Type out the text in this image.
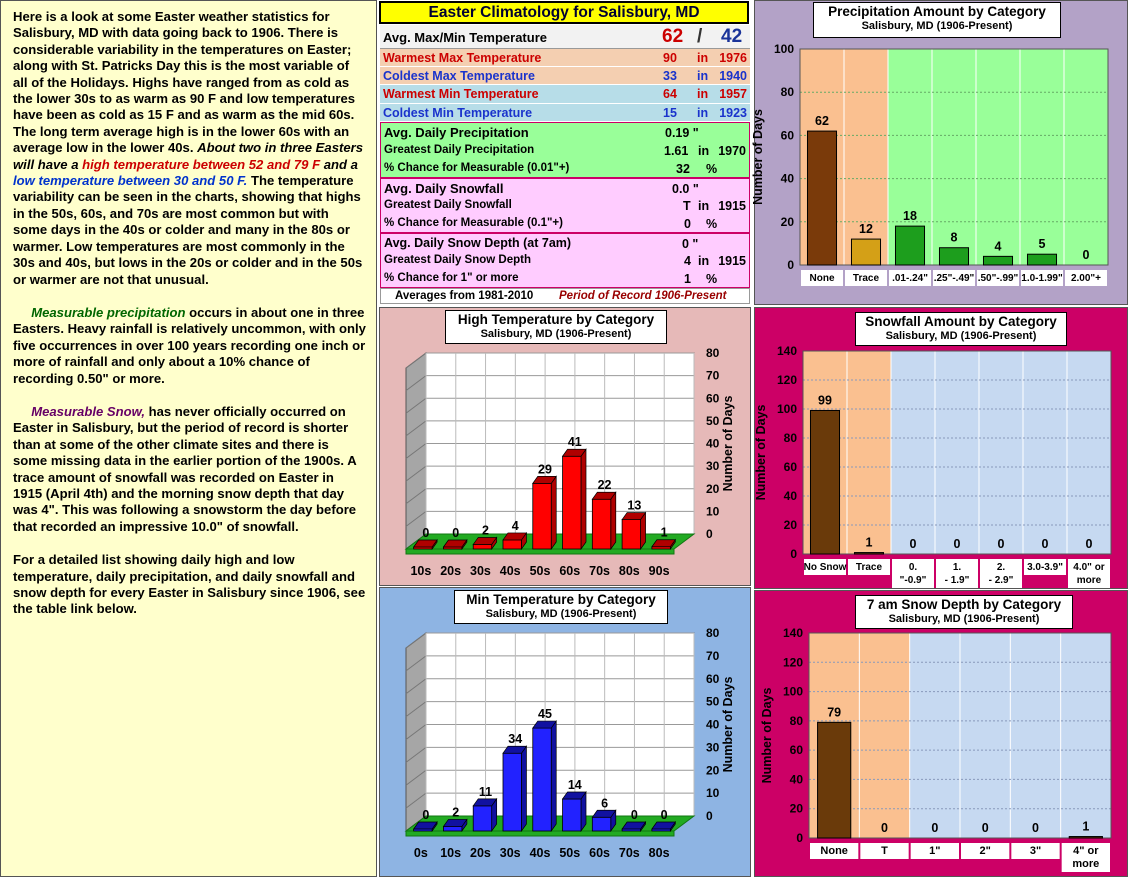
Here is a look at some Easter weather statistics for Salisbury, MD with data going back to 1906. There is considerable variability in the temperatures on Easter; along with St. Patricks Day this is the most variable of all of the Holidays. Highs have ranged from as cold as the lower 30s to as warm as 90 F and low temperatures have been as cold as 15 F and as warm as the mid 60s. The long term average high is in the lower 60s with an average low in the lower 40s. About two in three Easters will have a high temperature between 52 and 79 F and a low temperature between 30 and 50 F. The temperature variability can be seen in the charts, showing that highs in the 50s, 60s, and 70s are most common but with some days in the 40s or colder and many in the 80s or warmer. Low temperatures are most commonly in the 30s and 40s, but lows in the 20s or colder and in the 50s or warmer are not that unusual.

Measurable precipitation occurs in about one in three Easters. Heavy rainfall is relatively uncommon, with only five occurrences in over 100 years recording one inch or more of rainfall and only about a 10% chance of recording 0.50" or more.

Measurable Snow, has never officially occurred on Easter in Salisbury, but the period of record is shorter than at some of the other climate sites and there is some missing data in the earlier portion of the 1900s. A trace amount of snowfall was recorded on Easter in 1915 (April 4th) and the morning snow depth that day was 4". This was following a snowstorm the day before that recorded an impressive 10.0" of snowfall.

For a detailed list showing daily high and low temperature, daily precipitation, and daily snowfall and snow depth for every Easter in Salisbury since 1906, see the table link below.

Easter Climatology for Salisbury, MD
Avg. Max/Min Temperature	62 / 42
Warmest Max Temperature	90 in 1976
Coldest Max Temperature	33 in 1940
Warmest Min Temperature	64 in 1957
Coldest Min Temperature	15 in 1923
Avg. Daily Precipitation	0.19 "
Greatest Daily Precipitation	1.61 in 1970
% Chance for Measurable (0.01"+)	32 %
Avg. Daily Snowfall	0.0 "
Greatest Daily Snowfall	T in 1915
% Chance for Measurable (0.1"+)	0 %
Avg. Daily Snow Depth (at 7am)	0 "
Greatest Daily Snow Depth	4 in 1915
% Chance for 1" or more	1 %
Averages from 1981-2010 Period of Record 1906-Present
0
20
40
60
80
100
Number of Days	62
None
12
Trace
18
.01-.24"
8
.25"-.49"
4
.50"-.99"
5
1.0-1.99"
0
2.00"+
Precipitation Amount by Category
Salisbury, MD (1906-Present)
0
10
20
30
40
50
60
70
80
Number of Days
0
10s
0
20s
2
30s
4
40s
29
50s
41
60s
22
70s
13
80s
1
90s
High Temperature by Category
Salisbury, MD (1906-Present)
0
10
20
30
40
50
60
70
80
Number of Days
0
0s
2
10s
11
20s
34
30s
45
40s
14
50s
6
60s
0
70s
0
80s
Min Temperature by Category
Salisbury, MD (1906-Present)
0
20
40
60
80
100
120
140
Number of Days
99
No Snow
1
Trace
0
0.
"-0.9"
0
1.
- 1.9"
0
2.
- 2.9"
0
3.0-3.9"
0
4.0" or
more
Snowfall Amount by Category
Salisbury, MD (1906-Present)
0
20
40
60
80
100
120
140
Number of Days	79
None
0
T
0
1"
0
2"
0
3"
1
4" or
more
7 am Snow Depth by Category
Salisbury, MD (1906-Present)
